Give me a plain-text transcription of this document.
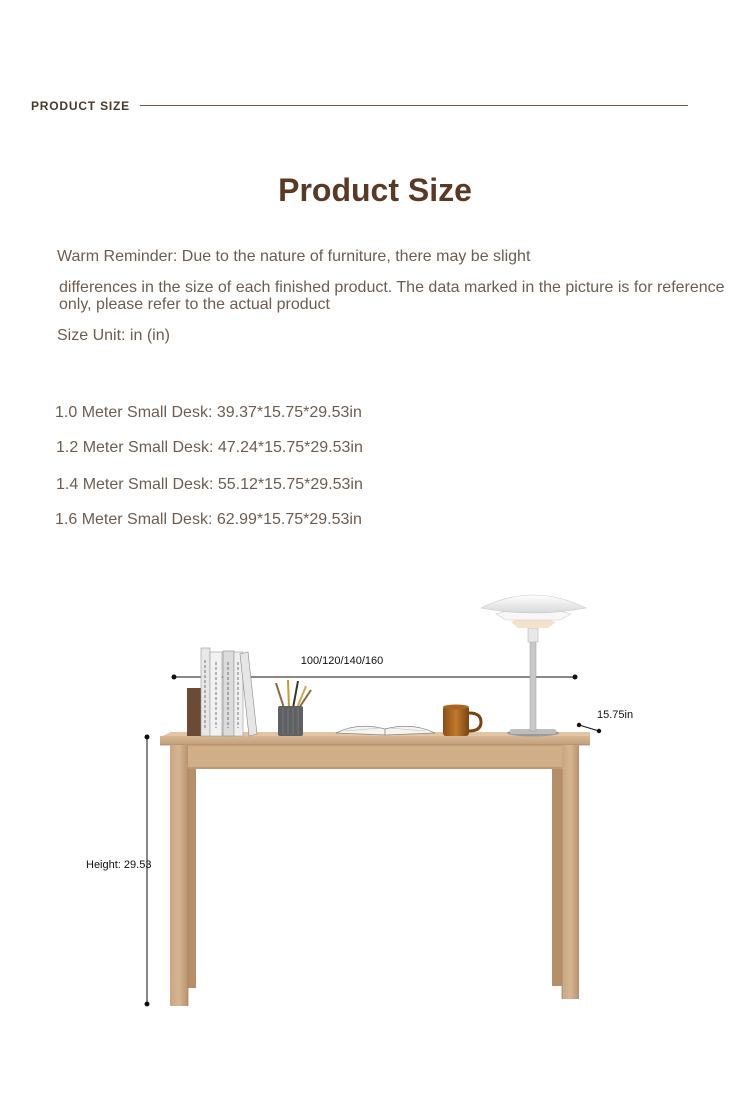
PRODUCT SIZE
Product Size
Warm Reminder: Due to the nature of furniture, there may be slight
differences in the size of each finished product. The data marked in the picture is for reference
only, please refer to the actual product
Size Unit: in (in)
1.0 Meter Small Desk: 39.37*15.75*29.53in
1.2 Meter Small Desk: 47.24*15.75*29.53in
1.4 Meter Small Desk: 55.12*15.75*29.53in
1.6 Meter Small Desk: 62.99*15.75*29.53in
100/120/140/160
15.75in
Height: 29.53
